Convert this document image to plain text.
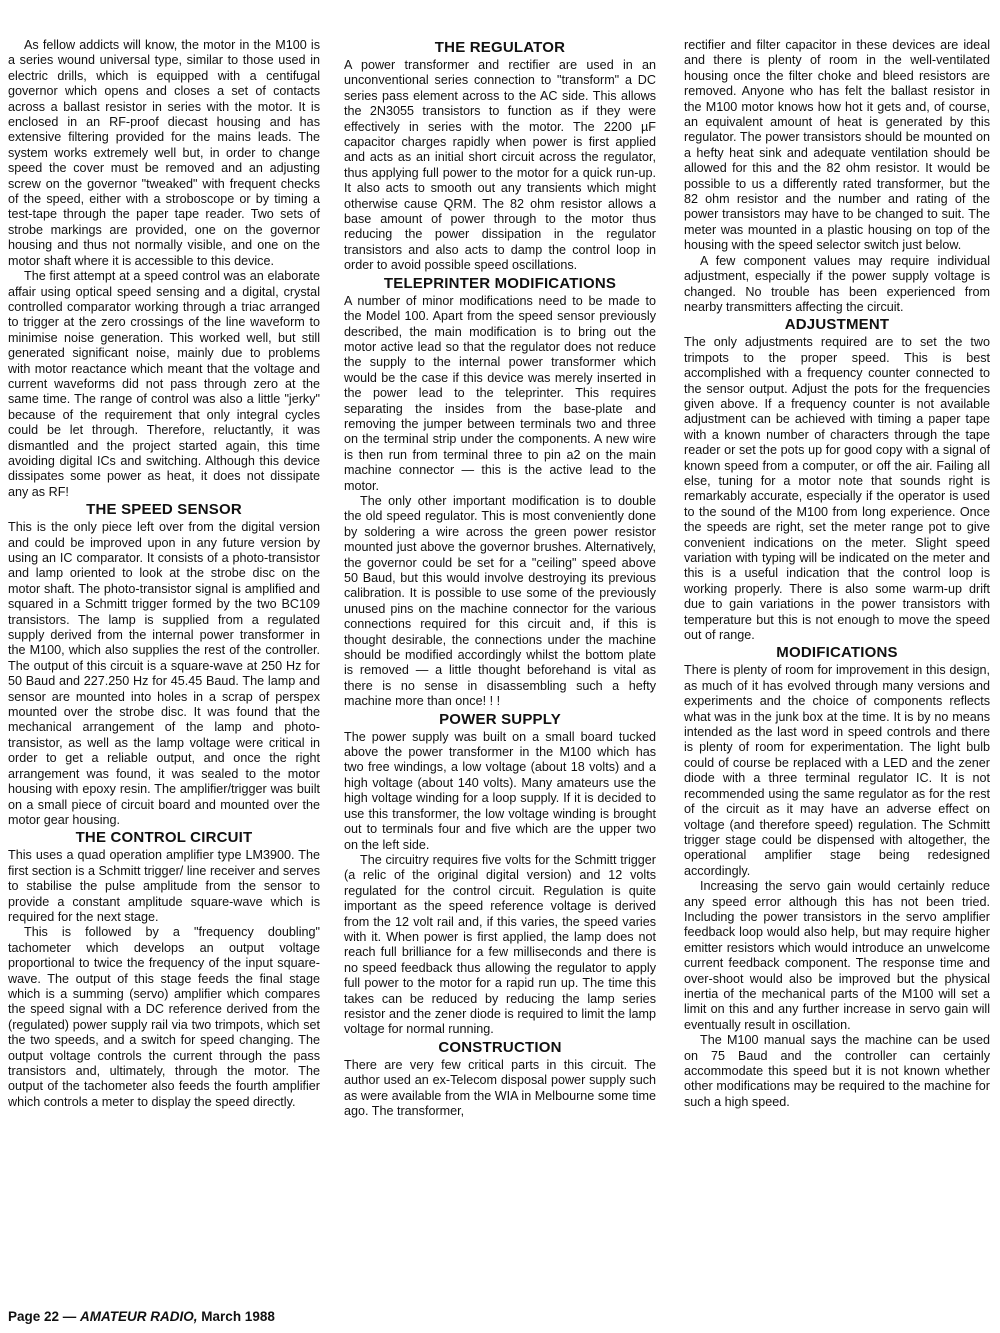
As fellow addicts will know, the motor in the M100 is a series wound universal type, similar to those used in electric drills, which is equipped with a centifugal governor which opens and closes a set of contacts across a ballast resistor in series with the motor. It is enclosed in an RF-proof diecast housing and has extensive filtering provided for the mains leads. The system works extremely well but, in order to change speed the cover must be removed and an adjusting screw on the governor "tweaked" with frequent checks of the speed, either with a stroboscope or by timing a test-tape through the paper tape reader. Two sets of strobe markings are provided, one on the governor housing and thus not normally visible, and one on the motor shaft where it is accessible to this device.

The first attempt at a speed control was an elaborate affair using optical speed sensing and a digital, crystal controlled comparator working through a triac arranged to trigger at the zero crossings of the line waveform to minimise noise generation. This worked well, but still generated significant noise, mainly due to problems with motor reactance which meant that the voltage and current waveforms did not pass through zero at the same time. The range of control was also a little "jerky" because of the requirement that only integral cycles could be let through. Therefore, reluctantly, it was dismantled and the project started again, this time avoiding digital ICs and switching. Although this device dissipates some power as heat, it does not dissipate any as RF!

THE SPEED SENSOR

This is the only piece left over from the digital version and could be improved upon in any future version by using an IC comparator. It consists of a photo-transistor and lamp oriented to look at the strobe disc on the motor shaft. The photo-transistor signal is amplified and squared in a Schmitt trigger formed by the two BC109 transistors. The lamp is supplied from a regulated supply derived from the internal power transformer in the M100, which also supplies the rest of the controller. The output of this circuit is a square-wave at 250 Hz for 50 Baud and 227.250 Hz for 45.45 Baud. The lamp and sensor are mounted into holes in a scrap of perspex mounted over the strobe disc. It was found that the mechanical arrangement of the lamp and photo-transistor, as well as the lamp voltage were critical in order to get a reliable output, and once the right arrangement was found, it was sealed to the motor housing with epoxy resin. The amplifier/trigger was built on a small piece of circuit board and mounted over the motor gear housing.

THE CONTROL CIRCUIT

This uses a quad operation amplifier type LM3900. The first section is a Schmitt trigger/ line receiver and serves to stabilise the pulse amplitude from the sensor to provide a constant amplitude square-wave which is required for the next stage.

This is followed by a "frequency doubling" tachometer which develops an output voltage proportional to twice the frequency of the input square-wave. The output of this stage feeds the final stage which is a summing (servo) amplifier which compares the speed signal with a DC reference derived from the (regulated) power supply rail via two trimpots, which set the two speeds, and a switch for speed changing. The output voltage controls the current through the pass transistors and, ultimately, through the motor. The output of the tachometer also feeds the fourth amplifier which controls a meter to display the speed directly.

THE REGULATOR

A power transformer and rectifier are used in an unconventional series connection to "transform" a DC series pass element across to the AC side. This allows the 2N3055 transistors to function as if they were effectively in series with the motor. The 2200 µF capacitor charges rapidly when power is first applied and acts as an initial short circuit across the regulator, thus applying full power to the motor for a quick run-up. It also acts to smooth out any transients which might otherwise cause QRM. The 82 ohm resistor allows a base amount of power through to the motor thus reducing the power dissipation in the regulator transistors and also acts to damp the control loop in order to avoid possible speed oscillations.

TELEPRINTER MODIFICATIONS

A number of minor modifications need to be made to the Model 100. Apart from the speed sensor previously described, the main modification is to bring out the motor active lead so that the regulator does not reduce the supply to the internal power transformer which would be the case if this device was merely inserted in the power lead to the teleprinter. This requires separating the insides from the base-plate and removing the jumper between terminals two and three on the terminal strip under the components. A new wire is then run from terminal three to pin a2 on the main machine connector — this is the active lead to the motor.

The only other important modification is to double the old speed regulator. This is most conveniently done by soldering a wire across the green power resistor mounted just above the governor brushes. Alternatively, the governor could be set for a "ceiling" speed above 50 Baud, but this would involve destroying its previous calibration. It is possible to use some of the previously unused pins on the machine connector for the various connections required for this circuit and, if this is thought desirable, the connections under the machine should be modified accordingly whilst the bottom plate is removed — a little thought beforehand is vital as there is no sense in disassembling such a hefty machine more than once! ! !

POWER SUPPLY

The power supply was built on a small board tucked above the power transformer in the M100 which has two free windings, a low voltage (about 18 volts) and a high voltage (about 140 volts). Many amateurs use the high voltage winding for a loop supply. If it is decided to use this transformer, the low voltage winding is brought out to terminals four and five which are the upper two on the left side.

The circuitry requires five volts for the Schmitt trigger (a relic of the original digital version) and 12 volts regulated for the control circuit. Regulation is quite important as the speed reference voltage is derived from the 12 volt rail and, if this varies, the speed varies with it. When power is first applied, the lamp does not reach full brilliance for a few milliseconds and there is no speed feedback thus allowing the regulator to apply full power to the motor for a rapid run up. The time this takes can be reduced by reducing the lamp series resistor and the zener diode is required to limit the lamp voltage for normal running.

CONSTRUCTION

There are very few critical parts in this circuit. The author used an ex-Telecom disposal power supply such as were available from the WIA in Melbourne some time ago. The transformer,

rectifier and filter capacitor in these devices are ideal and there is plenty of room in the well-ventilated housing once the filter choke and bleed resistors are removed. Anyone who has felt the ballast resistor in the M100 motor knows how hot it gets and, of course, an equivalent amount of heat is generated by this regulator. The power transistors should be mounted on a hefty heat sink and adequate ventilation should be allowed for this and the 82 ohm resistor. It would be possible to us a differently rated transformer, but the 82 ohm resistor and the number and rating of the power transistors may have to be changed to suit. The meter was mounted in a plastic housing on top of the housing with the speed selector switch just below.

A few component values may require individual adjustment, especially if the power supply voltage is changed. No trouble has been experienced from nearby transmitters affecting the circuit.

ADJUSTMENT

The only adjustments required are to set the two trimpots to the proper speed. This is best accomplished with a frequency counter connected to the sensor output. Adjust the pots for the frequencies given above. If a frequency counter is not available adjustment can be achieved with timing a paper tape with a known number of characters through the tape reader or set the pots up for good copy with a signal of known speed from a computer, or off the air. Failing all else, tuning for a motor note that sounds right is remarkably accurate, especially if the operator is used to the sound of the M100 from long experience. Once the speeds are right, set the meter range pot to give convenient indications on the meter. Slight speed variation with typing will be indicated on the meter and this is a useful indication that the control loop is working properly. There is also some warm-up drift due to gain variations in the power transistors with temperature but this is not enough to move the speed out of range.

MODIFICATIONS

There is plenty of room for improvement in this design, as much of it has evolved through many versions and experiments and the choice of components reflects what was in the junk box at the time. It is by no means intended as the last word in speed controls and there is plenty of room for experimentation. The light bulb could of course be replaced with a LED and the zener diode with a three terminal regulator IC. It is not recommended using the same regulator as for the rest of the circuit as it may have an adverse effect on voltage (and therefore speed) regulation. The Schmitt trigger stage could be dispensed with altogether, the operational amplifier stage being redesigned accordingly.

Increasing the servo gain would certainly reduce any speed error although this has not been tried. Including the power transistors in the servo amplifier feedback loop would also help, but may require higher emitter resistors which would introduce an unwelcome current feedback component. The response time and over-shoot would also be improved but the physical inertia of the mechanical parts of the M100 will set a limit on this and any further increase in servo gain will eventually result in oscillation.

The M100 manual says the machine can be used on 75 Baud and the controller can certainly accommodate this speed but it is not known whether other modifications may be required to the machine for such a high speed.

Page 22 — AMATEUR RADIO, March 1988
